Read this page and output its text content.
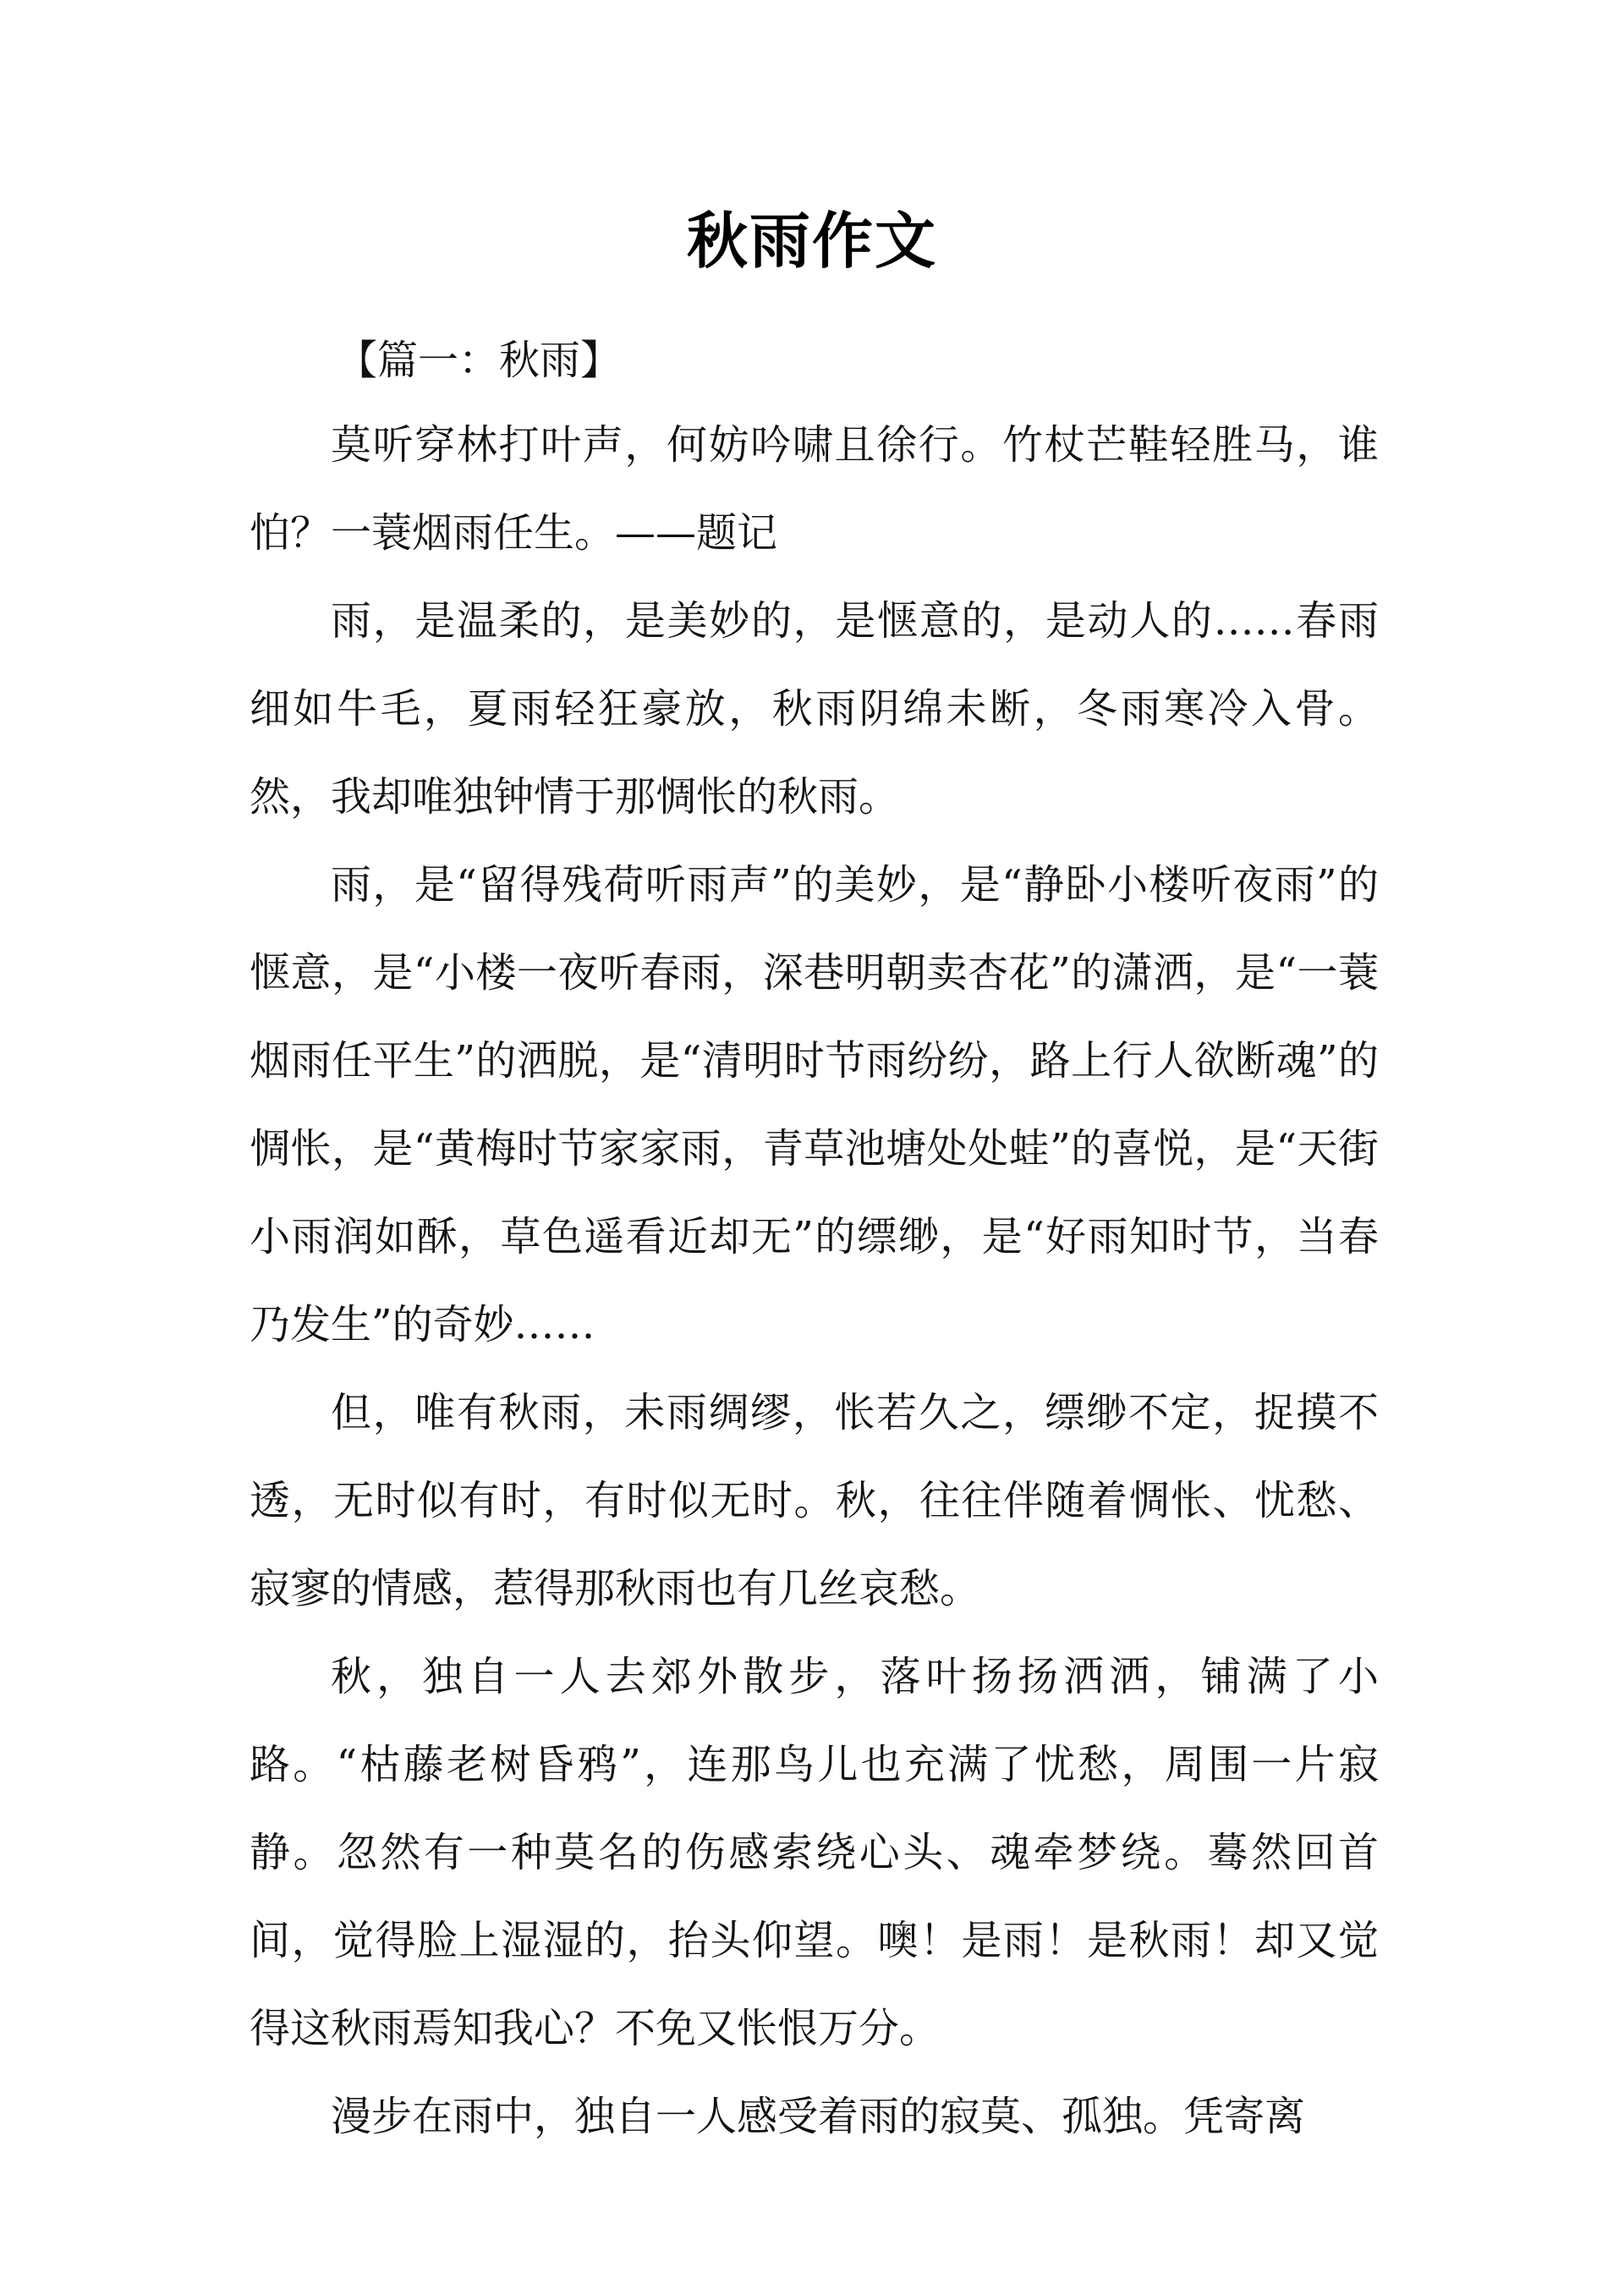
秋雨作文
【篇一：秋雨】

莫听穿林打叶声，何妨吟啸且徐行。竹杖芒鞋轻胜马，谁怕？一蓑烟雨任生。——题记

雨，是温柔的，是美妙的，是惬意的，是动人的……春雨细如牛毛，夏雨轻狂豪放，秋雨阴绵未断，冬雨寒冷入骨。然，我却唯独钟情于那惆怅的秋雨。

雨，是“留得残荷听雨声”的美妙，是“静卧小楼听夜雨”的惬意，是“小楼一夜听春雨，深巷明朝卖杏花”的潇洒，是“一蓑烟雨任平生”的洒脱，是“清明时节雨纷纷，路上行人欲断魂”的惆怅，是“黄梅时节家家雨，青草池塘处处蛙”的喜悦，是“天街小雨润如酥，草色遥看近却无”的缥缈，是“好雨知时节，当春乃发生”的奇妙……

但，唯有秋雨，未雨绸缪，怅若久之，缥缈不定，捉摸不透，无时似有时，有时似无时。秋，往往伴随着惆怅、忧愁、寂寥的情感，惹得那秋雨也有几丝哀愁。

秋，独自一人去郊外散步，落叶扬扬洒洒，铺满了小路。“枯藤老树昏鸦”，连那鸟儿也充满了忧愁，周围一片寂静。忽然有一种莫名的伤感索绕心头、魂牵梦绕。蓦然回首间，觉得脸上湿湿的，抬头仰望。噢！是雨！是秋雨！却又觉得这秋雨焉知我心？不免又怅恨万分。

漫步在雨中，独自一人感受着雨的寂莫、孤独。凭寄离
